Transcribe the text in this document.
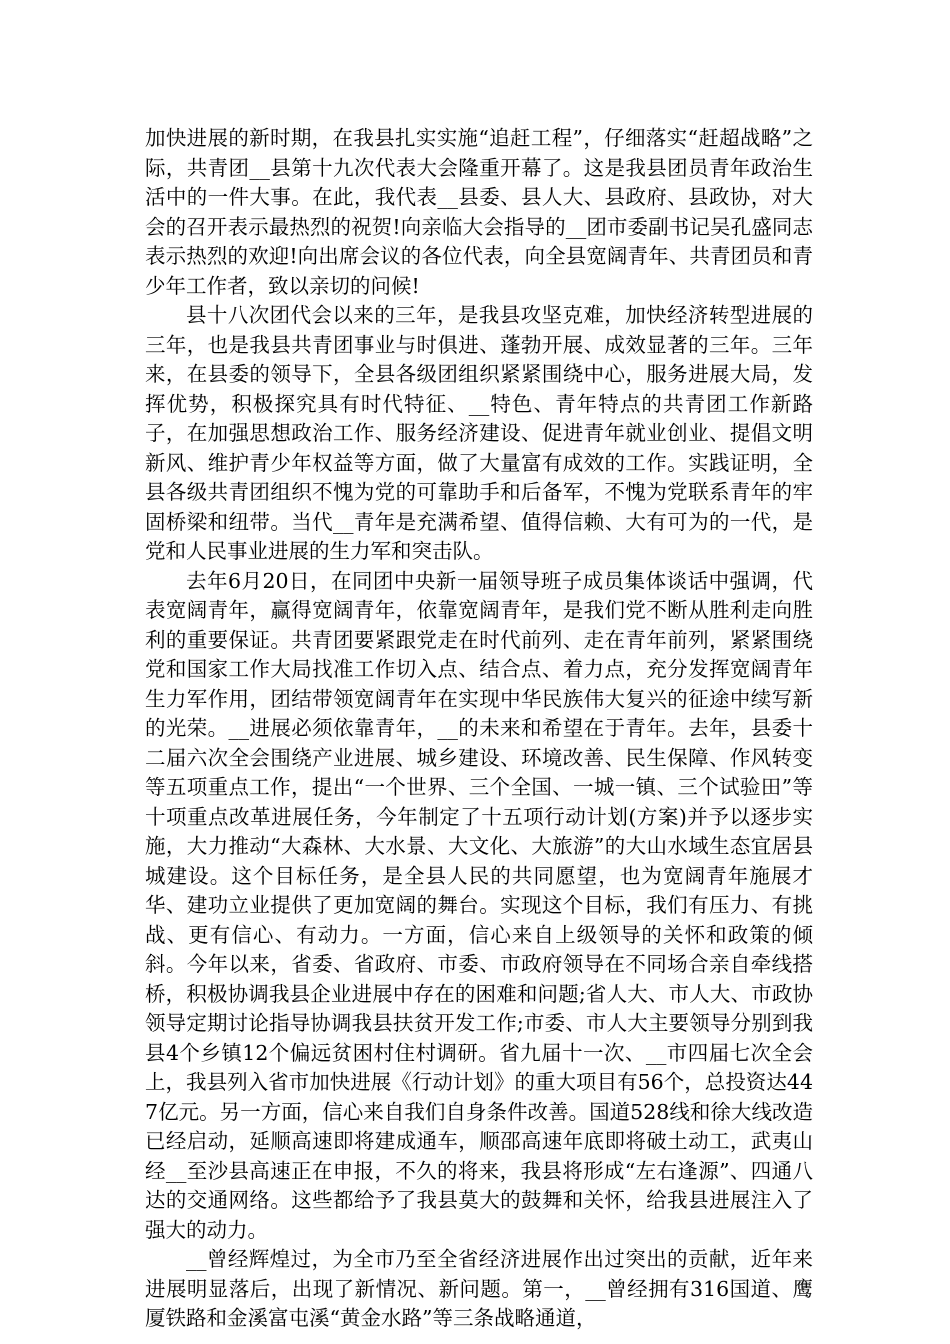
加快进展的新时期，在我县扎实实施“追赶工程”，仔细落实“赶超战略”之际，共青团__县第十九次代表大会隆重开幕了。这是我县团员青年政治生活中的一件大事。在此，我代表__县委、县人大、县政府、县政协，对大会的召开表示最热烈的祝贺!向亲临大会指导的__团市委副书记吴孔盛同志表示热烈的欢迎!向出席会议的各位代表，向全县宽阔青年、共青团员和青少年工作者，致以亲切的问候!

县十八次团代会以来的三年，是我县攻坚克难，加快经济转型进展的三年，也是我县共青团事业与时俱进、蓬勃开展、成效显著的三年。三年来，在县委的领导下，全县各级团组织紧紧围绕中心，服务进展大局，发挥优势，积极探究具有时代特征、__特色、青年特点的共青团工作新路子，在加强思想政治工作、服务经济建设、促进青年就业创业、提倡文明新风、维护青少年权益等方面，做了大量富有成效的工作。实践证明，全县各级共青团组织不愧为党的可靠助手和后备军，不愧为党联系青年的牢固桥梁和纽带。当代__青年是充满希望、值得信赖、大有可为的一代，是党和人民事业进展的生力军和突击队。

去年6月20日，在同团中央新一届领导班子成员集体谈话中强调，代表宽阔青年，赢得宽阔青年，依靠宽阔青年，是我们党不断从胜利走向胜利的重要保证。共青团要紧跟党走在时代前列、走在青年前列，紧紧围绕党和国家工作大局找准工作切入点、结合点、着力点，充分发挥宽阔青年生力军作用，团结带领宽阔青年在实现中华民族伟大复兴的征途中续写新的光荣。__进展必须依靠青年，__的未来和希望在于青年。去年，县委十二届六次全会围绕产业进展、城乡建设、环境改善、民生保障、作风转变等五项重点工作，提出“一个世界、三个全国、一城一镇、三个试验田”等十项重点改革进展任务，今年制定了十五项行动计划(方案)并予以逐步实施，大力推动“大森林、大水景、大文化、大旅游”的大山水域生态宜居县城建设。这个目标任务，是全县人民的共同愿望，也为宽阔青年施展才华、建功立业提供了更加宽阔的舞台。实现这个目标，我们有压力、有挑战、更有信心、有动力。一方面，信心来自上级领导的关怀和政策的倾斜。今年以来，省委、省政府、市委、市政府领导在不同场合亲自牵线搭桥，积极协调我县企业进展中存在的困难和问题;省人大、市人大、市政协领导定期讨论指导协调我县扶贫开发工作;市委、市人大主要领导分别到我县4个乡镇12个偏远贫困村住村调研。省九届十一次、__市四届七次全会上，我县列入省市加快进展《行动计划》的重大项目有56个，总投资达447亿元。另一方面，信心来自我们自身条件改善。国道528线和徐大线改造已经启动，延顺高速即将建成通车，顺邵高速年底即将破土动工，武夷山经__至沙县高速正在申报，不久的将来，我县将形成“左右逢源”、四通八达的交通网络。这些都给予了我县莫大的鼓舞和关怀，给我县进展注入了强大的动力。

__曾经辉煌过，为全市乃至全省经济进展作出过突出的贡献，近年来进展明显落后，出现了新情况、新问题。第一，__曾经拥有316国道、鹰厦铁路和金溪富屯溪“黄金水路”等三条战略通道，
